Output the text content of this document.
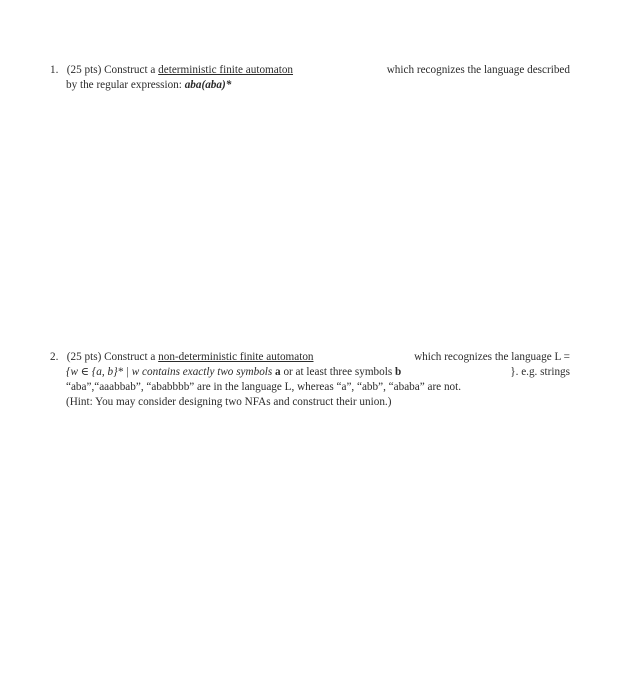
1. (25 pts) Construct a deterministic finite automaton	which recognizes the language described
by the regular expression: aba(aba)*
2. (25 pts) Construct a non-deterministic finite automaton	which recognizes the language L =
{w ∈ {a, b}* | w contains exactly two symbols a or at least three symbols b	}. e.g. strings
“aba”,“aaabbab”, “ababbbb” are in the language L, whereas “a”, “abb”, “ababa” are not.
(Hint: You may consider designing two NFAs and construct their union.)
